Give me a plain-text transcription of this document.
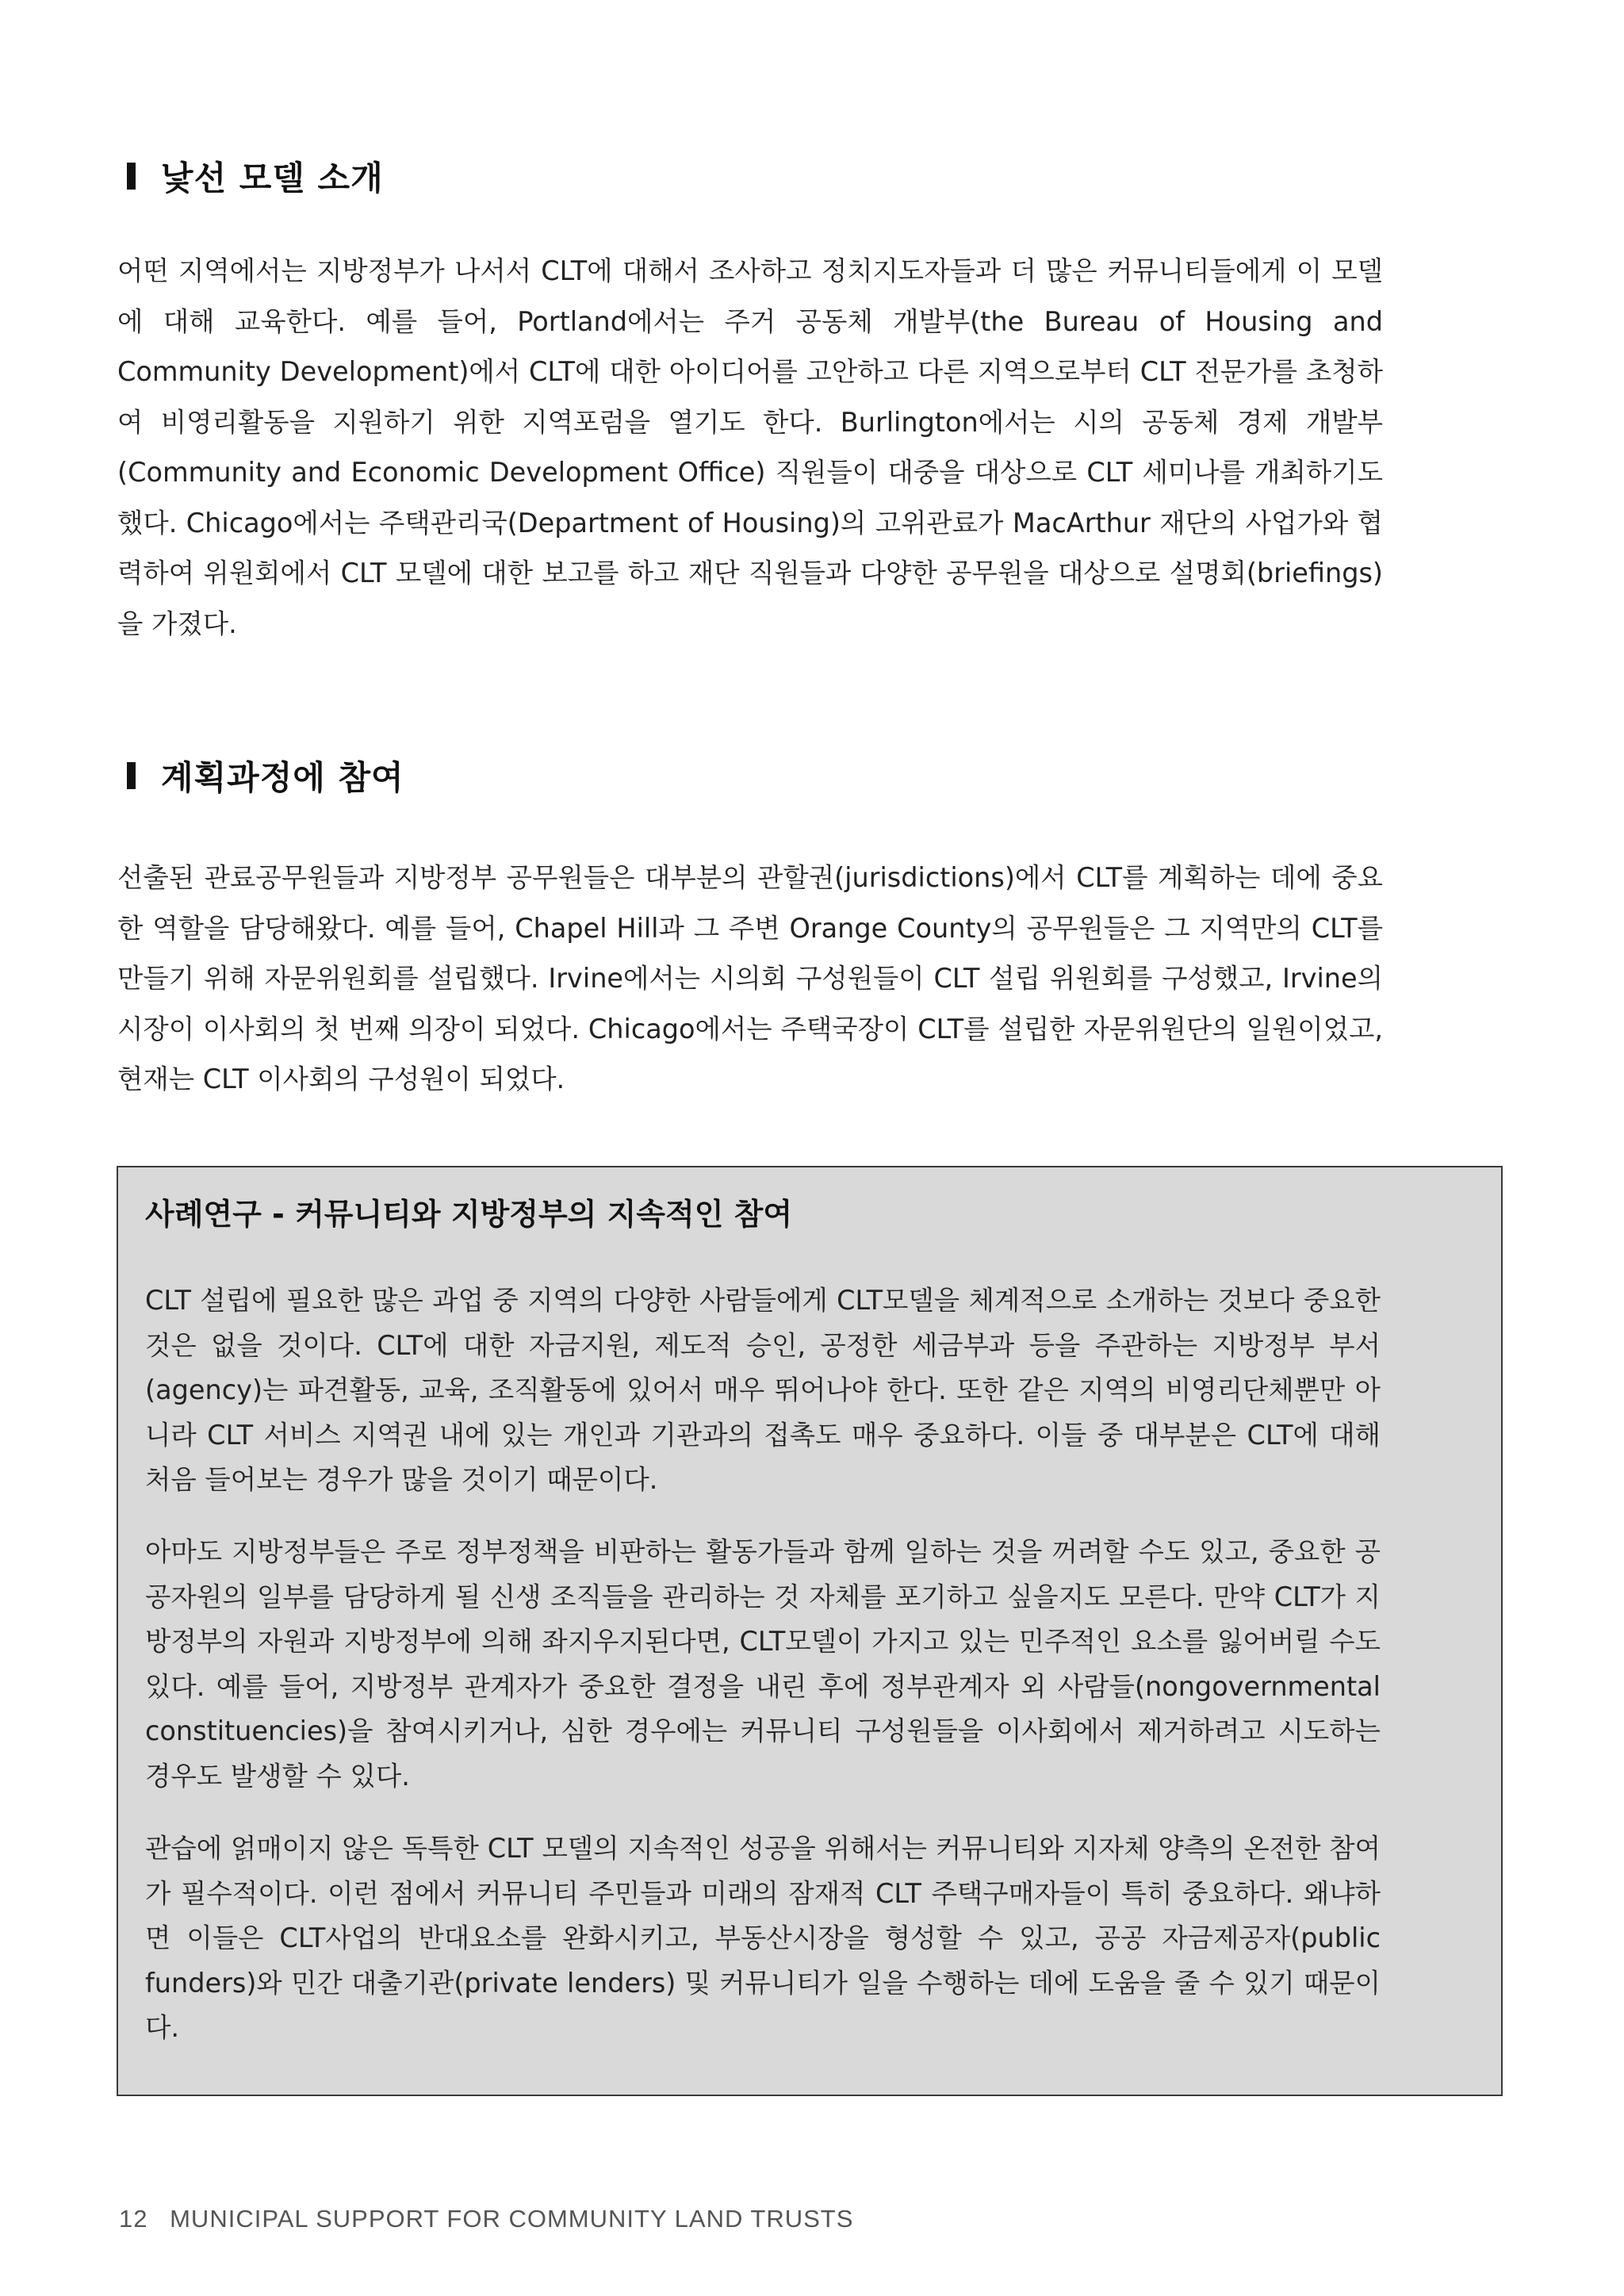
낯선 모델 소개

어떤 지역에서는 지방정부가 나서서 CLT에 대해서 조사하고 정치지도자들과 더 많은 커뮤니티들에게 이 모델에 대해 교육한다. 예를 들어, Portland에서는 주거 공동체 개발부(the Bureau of Housing and Community Development)에서 CLT에 대한 아이디어를 고안하고 다른 지역으로부터 CLT 전문가를 초청하여 비영리활동을 지원하기 위한 지역포럼을 열기도 한다. Burlington에서는 시의 공동체 경제 개발부(Community and Economic Development Office) 직원들이 대중을 대상으로 CLT 세미나를 개최하기도 했다. Chicago에서는 주택관리국(Department of Housing)의 고위관료가 MacArthur 재단의 사업가와 협력하여 위원회에서 CLT 모델에 대한 보고를 하고 재단 직원들과 다양한 공무원을 대상으로 설명회(briefings)을 가졌다.

계획과정에 참여

선출된 관료공무원들과 지방정부 공무원들은 대부분의 관할권(jurisdictions)에서 CLT를 계획하는 데에 중요한 역할을 담당해왔다. 예를 들어, Chapel Hill과 그 주변 Orange County의 공무원들은 그 지역만의 CLT를 만들기 위해 자문위원회를 설립했다. Irvine에서는 시의회 구성원들이 CLT 설립 위원회를 구성했고, Irvine의 시장이 이사회의 첫 번째 의장이 되었다. Chicago에서는 주택국장이 CLT를 설립한 자문위원단의 일원이었고, 현재는 CLT 이사회의 구성원이 되었다.

사례연구 - 커뮤니티와 지방정부의 지속적인 참여

CLT 설립에 필요한 많은 과업 중 지역의 다양한 사람들에게 CLT모델을 체계적으로 소개하는 것보다 중요한 것은 없을 것이다. CLT에 대한 자금지원, 제도적 승인, 공정한 세금부과 등을 주관하는 지방정부 부서(agency)는 파견활동, 교육, 조직활동에 있어서 매우 뛰어나야 한다. 또한 같은 지역의 비영리단체뿐만 아니라 CLT 서비스 지역권 내에 있는 개인과 기관과의 접촉도 매우 중요하다. 이들 중 대부분은 CLT에 대해 처음 들어보는 경우가 많을 것이기 때문이다.

아마도 지방정부들은 주로 정부정책을 비판하는 활동가들과 함께 일하는 것을 꺼려할 수도 있고, 중요한 공공자원의 일부를 담당하게 될 신생 조직들을 관리하는 것 자체를 포기하고 싶을지도 모른다. 만약 CLT가 지방정부의 자원과 지방정부에 의해 좌지우지된다면, CLT모델이 가지고 있는 민주적인 요소를 잃어버릴 수도 있다. 예를 들어, 지방정부 관계자가 중요한 결정을 내린 후에 정부관계자 외 사람들(nongovernmental constituencies)을 참여시키거나, 심한 경우에는 커뮤니티 구성원들을 이사회에서 제거하려고 시도하는 경우도 발생할 수 있다.

관습에 얽매이지 않은 독특한 CLT 모델의 지속적인 성공을 위해서는 커뮤니티와 지자체 양측의 온전한 참여가 필수적이다. 이런 점에서 커뮤니티 주민들과 미래의 잠재적 CLT 주택구매자들이 특히 중요하다. 왜냐하면 이들은 CLT사업의 반대요소를 완화시키고, 부동산시장을 형성할 수 있고, 공공 자금제공자(public funders)와 민간 대출기관(private lenders) 및 커뮤니티가 일을 수행하는 데에 도움을 줄 수 있기 때문이다.

12 MUNICIPAL SUPPORT FOR COMMUNITY LAND TRUSTS
